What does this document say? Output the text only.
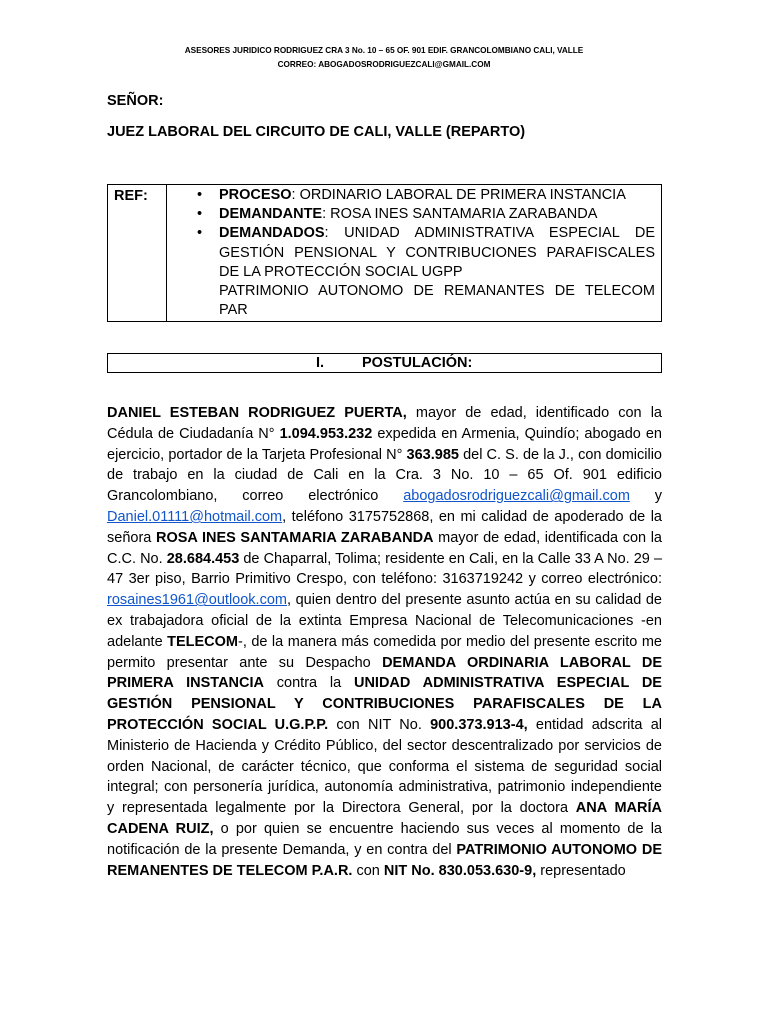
ASESORES JURIDICO RODRIGUEZ CRA 3 No. 10 – 65 OF. 901 EDIF. GRANCOLOMBIANO CALI, VALLE
CORREO: ABOGADOSRODRIGUEZCALI@GMAIL.COM
SEÑOR:
JUEZ LABORAL DEL CIRCUITO DE CALI, VALLE (REPARTO)
REF:	• PROCESO: ORDINARIO LABORAL DE PRIMERA INSTANCIA
• DEMANDANTE: ROSA INES SANTAMARIA ZARABANDA
• DEMANDADOS: UNIDAD ADMINISTRATIVA ESPECIAL DE GESTIÓN PENSIONAL Y CONTRIBUCIONES PARAFISCALES DE LA PROTECCIÓN SOCIAL UGPP
PATRIMONIO AUTONOMO DE REMANANTES DE TELECOM PAR
I.	POSTULACIÓN:
DANIEL ESTEBAN RODRIGUEZ PUERTA, mayor de edad, identificado con la Cédula de Ciudadanía N° 1.094.953.232 expedida en Armenia, Quindío; abogado en ejercicio, portador de la Tarjeta Profesional N° 363.985 del C. S. de la J., con domicilio de trabajo en la ciudad de Cali en la Cra. 3 No. 10 – 65 Of. 901 edificio Grancolombiano, correo electrónico abogadosrodriguezcali@gmail.com y Daniel.01111@hotmail.com, teléfono 3175752868, en mi calidad de apoderado de la señora ROSA INES SANTAMARIA ZARABANDA mayor de edad, identificada con la C.C. No. 28.684.453 de Chaparral, Tolima; residente en Cali, en la Calle 33 A No. 29 – 47 3er piso, Barrio Primitivo Crespo, con teléfono: 3163719242 y correo electrónico: rosaines1961@outlook.com, quien dentro del presente asunto actúa en su calidad de ex trabajadora oficial de la extinta Empresa Nacional de Telecomunicaciones -en adelante TELECOM-, de la manera más comedida por medio del presente escrito me permito presentar ante su Despacho DEMANDA ORDINARIA LABORAL DE PRIMERA INSTANCIA contra la UNIDAD ADMINISTRATIVA ESPECIAL DE GESTIÓN PENSIONAL Y CONTRIBUCIONES PARAFISCALES DE LA PROTECCIÓN SOCIAL U.G.P.P. con NIT No. 900.373.913-4, entidad adscrita al Ministerio de Hacienda y Crédito Público, del sector descentralizado por servicios de orden Nacional, de carácter técnico, que conforma el sistema de seguridad social integral; con personería jurídica, autonomía administrativa, patrimonio independiente y representada legalmente por la Directora General, por la doctora ANA MARÍA CADENA RUIZ, o por quien se encuentre haciendo sus veces al momento de la notificación de la presente Demanda, y en contra del PATRIMONIO AUTONOMO DE REMANENTES DE TELECOM P.A.R. con NIT No. 830.053.630-9, representado
